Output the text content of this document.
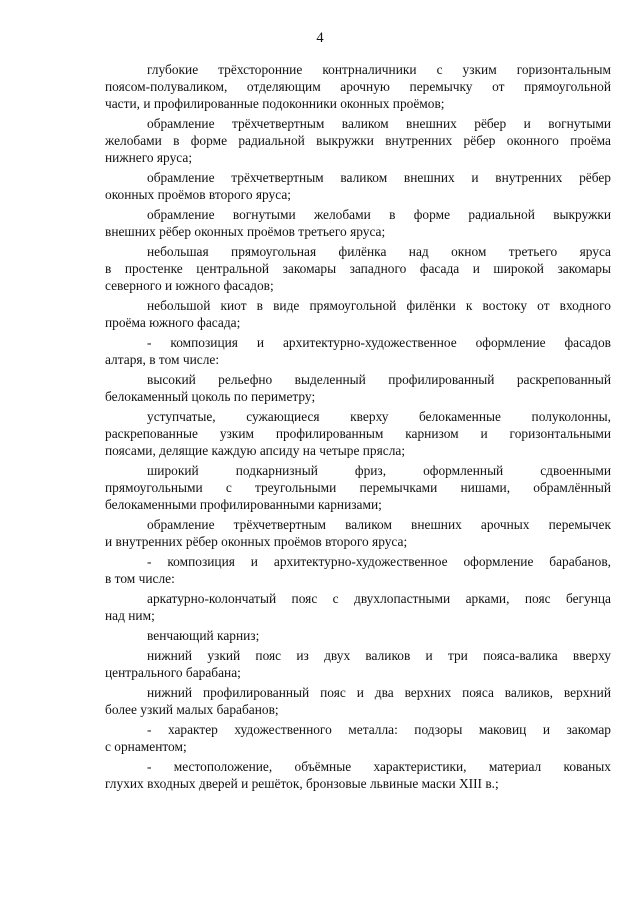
4
глубокие трёхсторонние контрналичники с узким горизонтальным
поясом-полуваликом, отделяющим арочную перемычку от прямоугольной
части, и профилированные подоконники оконных проёмов;
обрамление трёхчетвертным валиком внешних рёбер и вогнутыми
желобами в форме радиальной выкружки внутренних рёбер оконного проёма
нижнего яруса;
обрамление трёхчетвертным валиком внешних и внутренних рёбер
оконных проёмов второго яруса;
обрамление вогнутыми желобами в форме радиальной выкружки
внешних рёбер оконных проёмов третьего яруса;
небольшая прямоугольная филёнка над окном третьего яруса
в простенке центральной закомары западного фасада и широкой закомары
северного и южного фасадов;
небольшой киот в виде прямоугольной филёнки к востоку от входного
проёма южного фасада;
- композиция и архитектурно-художественное оформление фасадов
алтаря, в том числе:
высокий рельефно выделенный профилированный раскрепованный
белокаменный цоколь по периметру;
уступчатые, сужающиеся кверху белокаменные полуколонны,
раскрепованные узким профилированным карнизом и горизонтальными
поясами, делящие каждую апсиду на четыре прясла;
широкий подкарнизный фриз, оформленный сдвоенными
прямоугольными с треугольными перемычками нишами, обрамлённый
белокаменными профилированными карнизами;
обрамление трёхчетвертным валиком внешних арочных перемычек
и внутренних рёбер оконных проёмов второго яруса;
- композиция и архитектурно-художественное оформление барабанов,
в том числе:
аркатурно-колончатый пояс с двухлопастными арками, пояс бегунца
над ним;
венчающий карниз;
нижний узкий пояс из двух валиков и три пояса-валика вверху
центрального барабана;
нижний профилированный пояс и два верхних пояса валиков, верхний
более узкий малых барабанов;
- характер художественного металла: подзоры маковиц и закомар
с орнаментом;
- местоположение, объёмные характеристики, материал кованых
глухих входных дверей и решёток, бронзовые львиные маски XIII в.;
